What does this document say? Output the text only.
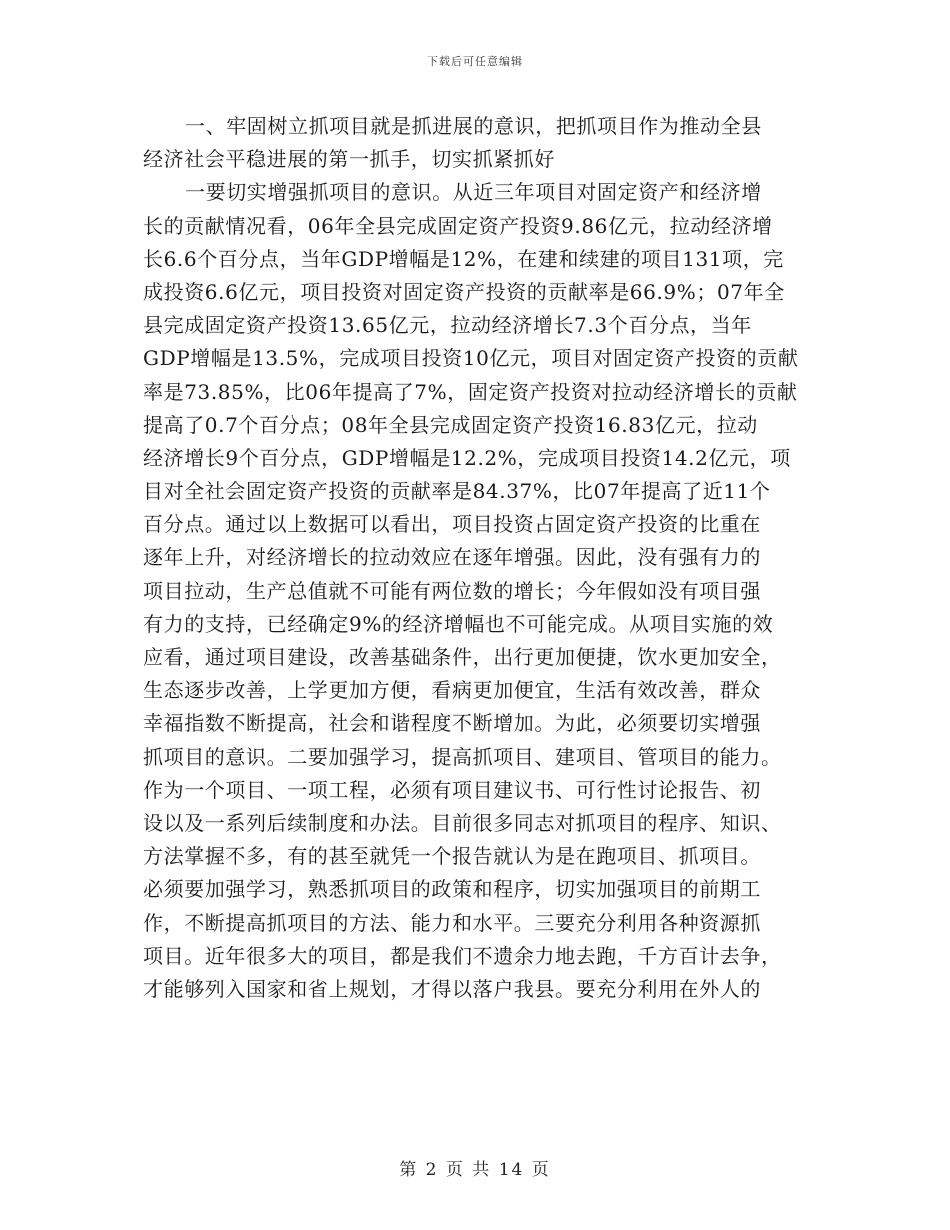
下载后可任意编辑
一、牢固树立抓项目就是抓进展的意识，把抓项目作为推动全县
经济社会平稳进展的第一抓手，切实抓紧抓好
一要切实增强抓项目的意识。从近三年项目对固定资产和经济增
长的贡献情况看，06年全县完成固定资产投资9.86亿元，拉动经济增
长6.6个百分点，当年GDP增幅是12%，在建和续建的项目131项，完
成投资6.6亿元，项目投资对固定资产投资的贡献率是66.9%；07年全
县完成固定资产投资13.65亿元，拉动经济增长7.3个百分点，当年
GDP增幅是13.5%，完成项目投资10亿元，项目对固定资产投资的贡献
率是73.85%，比06年提高了7%，固定资产投资对拉动经济增长的贡献
提高了0.7个百分点；08年全县完成固定资产投资16.83亿元，拉动
经济增长9个百分点，GDP增幅是12.2%，完成项目投资14.2亿元，项
目对全社会固定资产投资的贡献率是84.37%，比07年提高了近11个
百分点。通过以上数据可以看出，项目投资占固定资产投资的比重在
逐年上升，对经济增长的拉动效应在逐年增强。因此，没有强有力的
项目拉动，生产总值就不可能有两位数的增长；今年假如没有项目强
有力的支持，已经确定9%的经济增幅也不可能完成。从项目实施的效
应看，通过项目建设，改善基础条件，出行更加便捷，饮水更加安全，
生态逐步改善，上学更加方便，看病更加便宜，生活有效改善，群众
幸福指数不断提高，社会和谐程度不断增加。为此，必须要切实增强
抓项目的意识。二要加强学习，提高抓项目、建项目、管项目的能力。
作为一个项目、一项工程，必须有项目建议书、可行性讨论报告、初
设以及一系列后续制度和办法。目前很多同志对抓项目的程序、知识、
方法掌握不多，有的甚至就凭一个报告就认为是在跑项目、抓项目。
必须要加强学习，熟悉抓项目的政策和程序，切实加强项目的前期工
作，不断提高抓项目的方法、能力和水平。三要充分利用各种资源抓
项目。近年很多大的项目，都是我们不遗余力地去跑，千方百计去争，
才能够列入国家和省上规划，才得以落户我县。要充分利用在外人的
第 2 页 共 14 页
